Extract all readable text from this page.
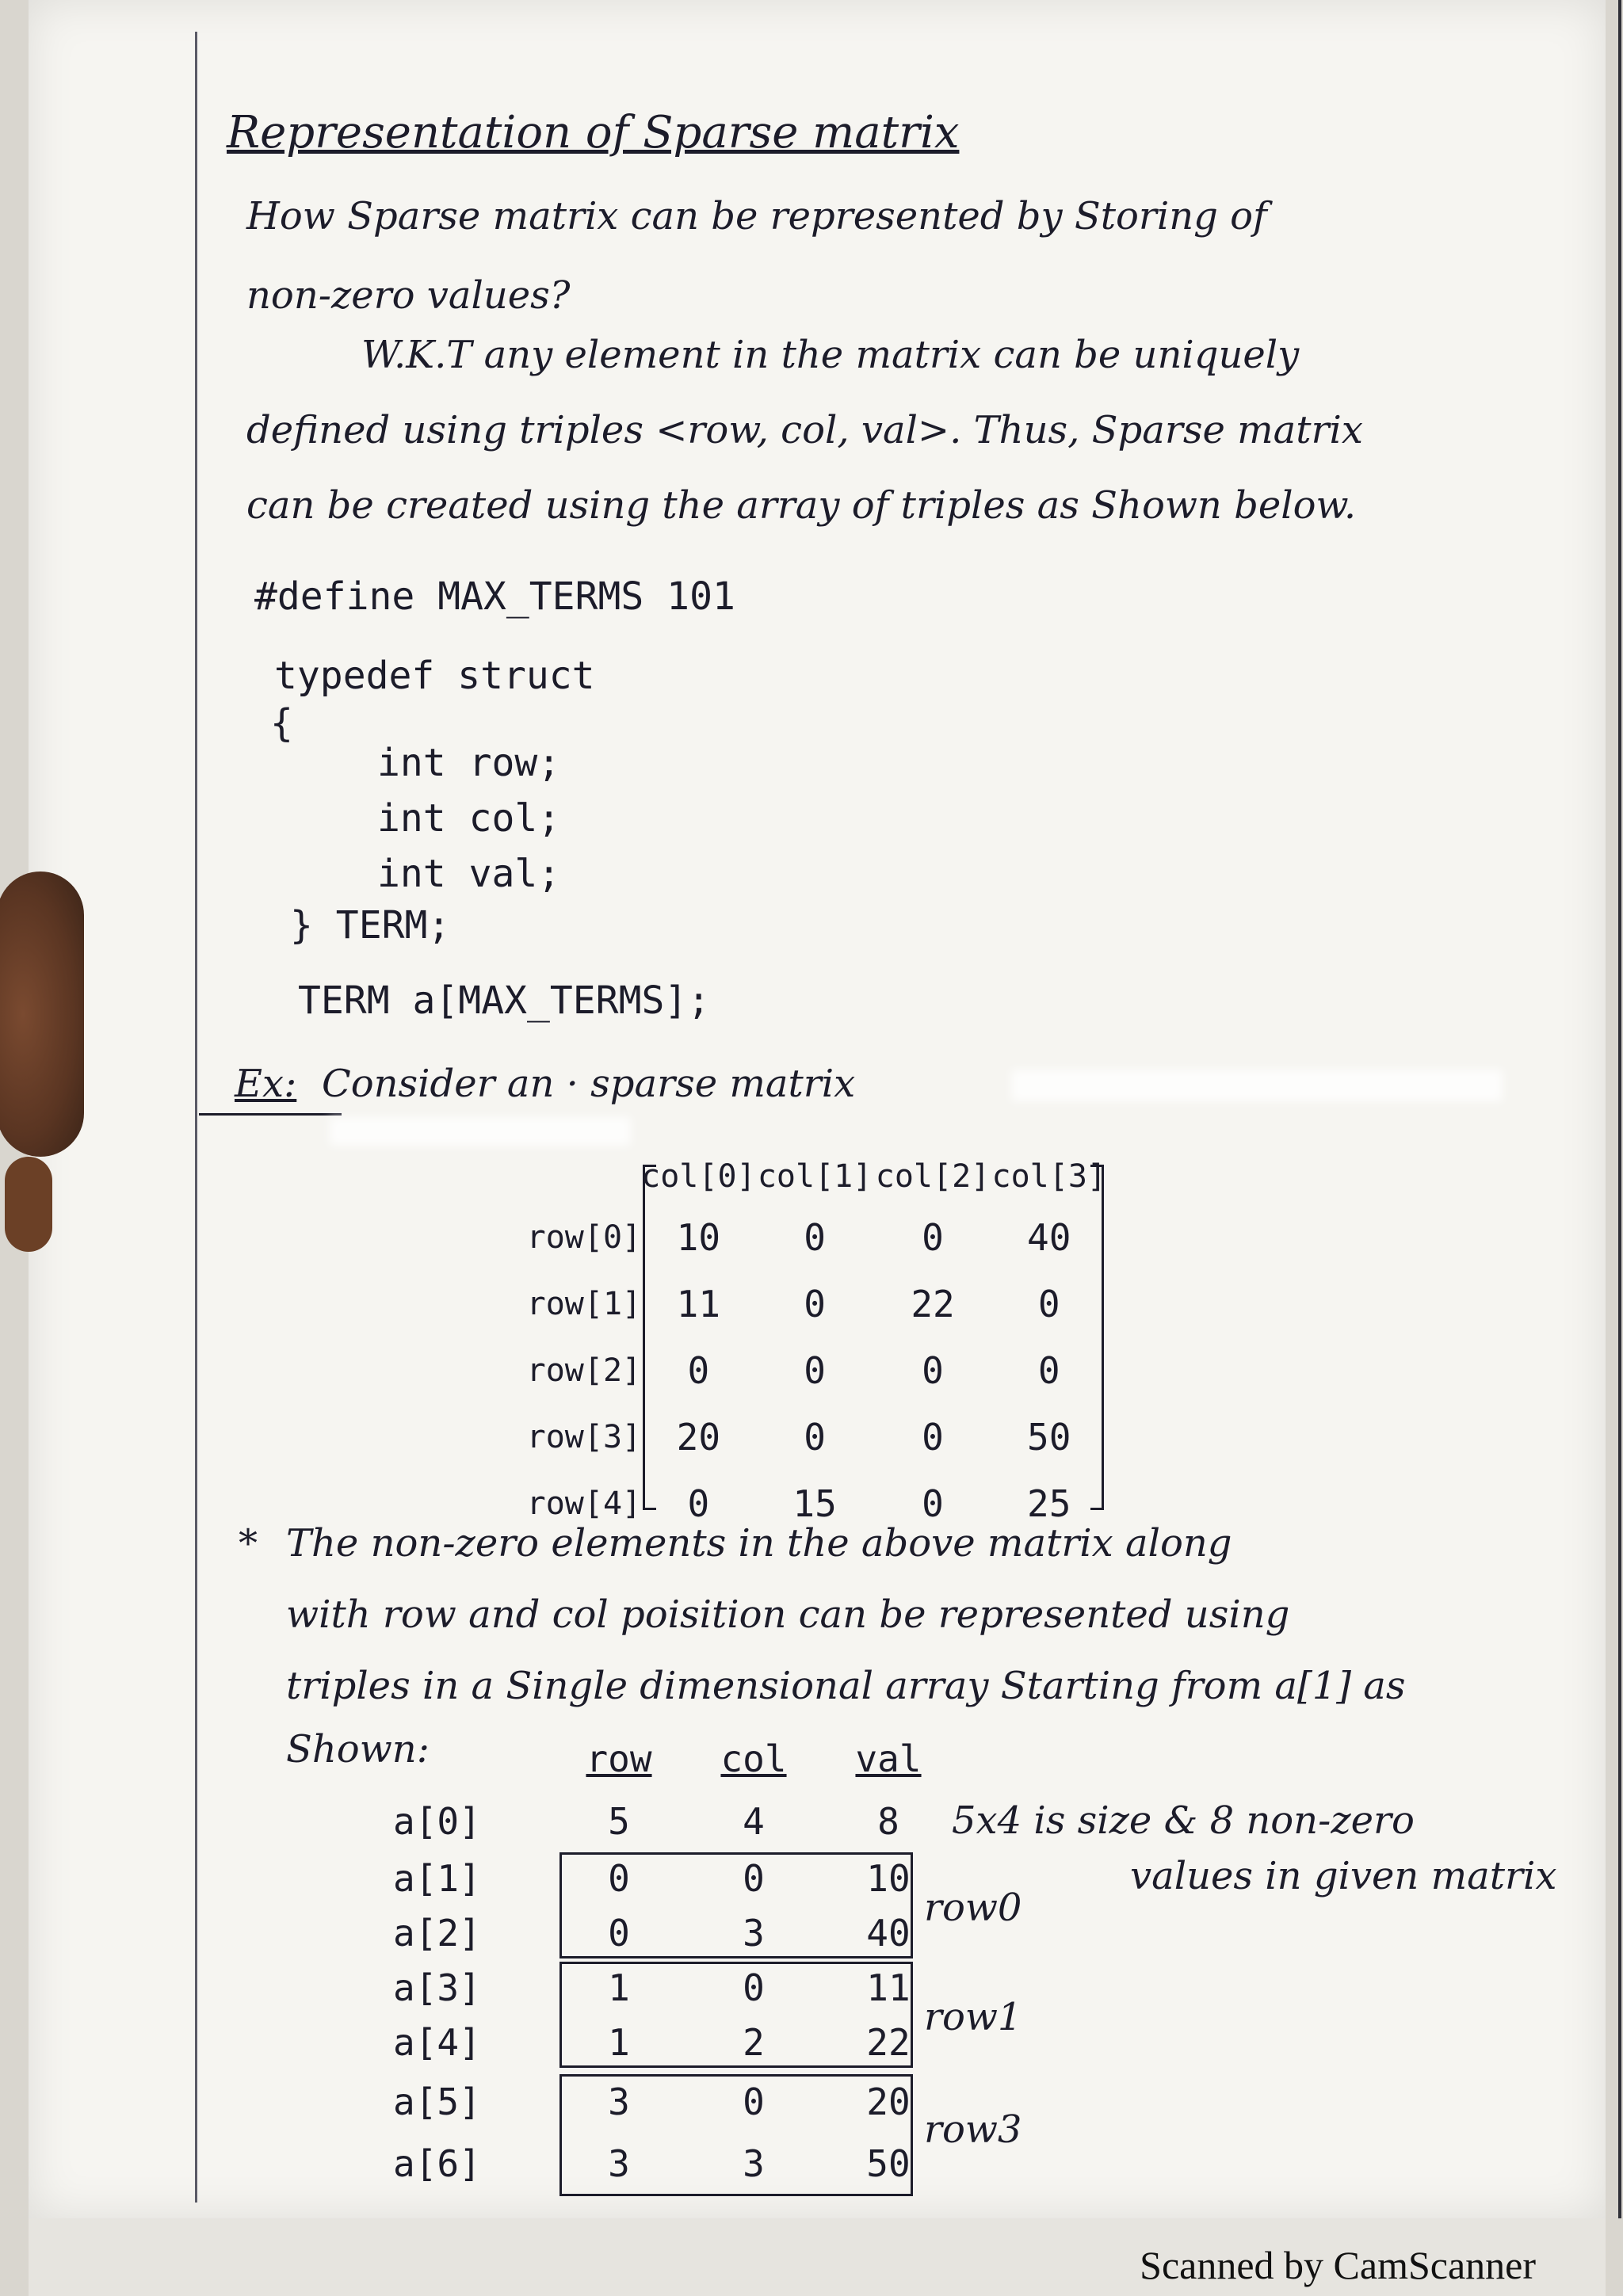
Representation of Sparse matrix

How Sparse matrix can be represented by Storing of

non-zero values?

W.K.T any element in the matrix can be uniquely

defined using triples <row, col, val>. Thus, Sparse matrix

can be created using the array of triples as Shown below.

#define MAX_TERMS 101

typedef struct

{

int row;

int col;

int val;

} TERM;

TERM a[MAX_TERMS];

Ex: Consider an · sparse matrix

	col[0]	col[1]	col[2]	col[3]
row[0]	10	0	0	40
row[1]	11	0	22	0
row[2]	0	0	0	0
row[3]	20	0	0	50
row[4]	0	15	0	25

* The non-zero elements in the above matrix along

with row and col poisition can be represented using

triples in a Single dimensional array Starting from a[1] as

Shown:

		row	col	val
a[0]	5	4	8
a[1]	0	0	10
a[2]	0	3	40
a[3]	1	0	11
a[4]	1	2	22
a[5]	3	0	20
a[6]	3	3	50

row0

row1

row3

5x4 is size & 8 non-zero

values in given matrix

Scanned by CamScanner
